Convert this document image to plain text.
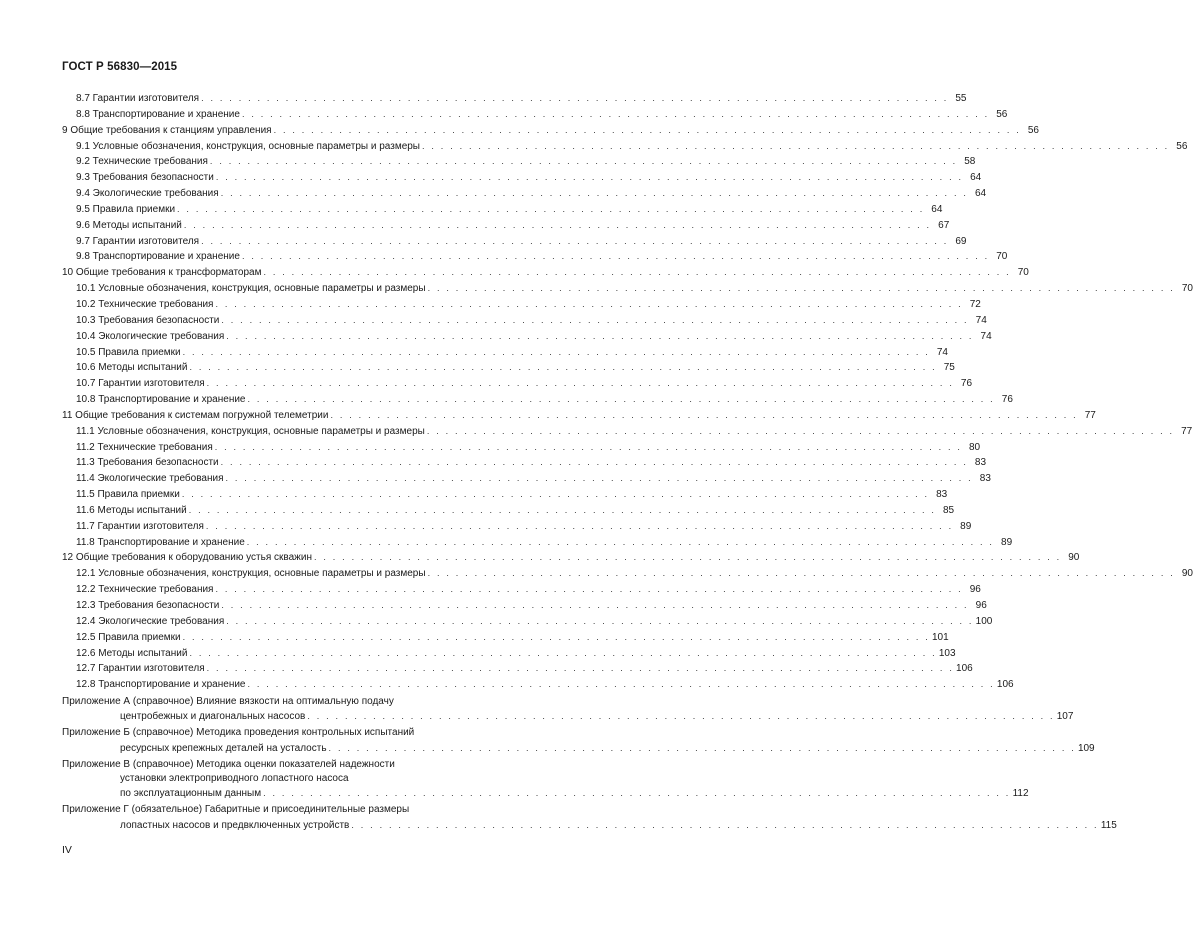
ГОСТ Р 56830—2015
8.7 Гарантии изготовителя . . . . . . . . . . . . . . . . . . . . . . . . . . . . . . . . . . . . . . . . . . . . . . . . . . . . . . . . . . . . . . . . . . . . . . . . . . . . . . . . 55
8.8 Транспортирование и хранение . . . . . . . . . . . . . . . . . . . . . . . . . . . . . . . . . . . . . . . . . . . . . . . . . . . . . . . . . . . . . . . . . . . . . . . . . . . . . . . . 56
9 Общие требования к станциям управления . . . . . . . . . . . . . . . . . . . . . . . . . . . . . . . . . . . . . . . . . . . . . . . . . . . . . . . . . . . . . . . . . . . . . . . . . . . . . . . . 56
9.1 Условные обозначения, конструкция, основные параметры и размеры . . . . . . . . . . . . . . . . . . . . . . . . . . . . . . . . . . . . . . . . . . . . . . . . . . . . . . . . . . . . . . . . . . . . . . . . . . . . . . . . 56
9.2 Технические требования . . . . . . . . . . . . . . . . . . . . . . . . . . . . . . . . . . . . . . . . . . . . . . . . . . . . . . . . . . . . . . . . . . . . . . . . . . . . . . . . 58
9.3 Требования безопасности . . . . . . . . . . . . . . . . . . . . . . . . . . . . . . . . . . . . . . . . . . . . . . . . . . . . . . . . . . . . . . . . . . . . . . . . . . . . . . . . 64
9.4 Экологические требования . . . . . . . . . . . . . . . . . . . . . . . . . . . . . . . . . . . . . . . . . . . . . . . . . . . . . . . . . . . . . . . . . . . . . . . . . . . . . . . . 64
9.5 Правила приемки . . . . . . . . . . . . . . . . . . . . . . . . . . . . . . . . . . . . . . . . . . . . . . . . . . . . . . . . . . . . . . . . . . . . . . . . . . . . . . . . 64
9.6 Методы испытаний . . . . . . . . . . . . . . . . . . . . . . . . . . . . . . . . . . . . . . . . . . . . . . . . . . . . . . . . . . . . . . . . . . . . . . . . . . . . . . . . 67
9.7 Гарантии изготовителя . . . . . . . . . . . . . . . . . . . . . . . . . . . . . . . . . . . . . . . . . . . . . . . . . . . . . . . . . . . . . . . . . . . . . . . . . . . . . . . . 69
9.8 Транспортирование и хранение . . . . . . . . . . . . . . . . . . . . . . . . . . . . . . . . . . . . . . . . . . . . . . . . . . . . . . . . . . . . . . . . . . . . . . . . . . . . . . . . 70
10 Общие требования к трансформаторам . . . . . . . . . . . . . . . . . . . . . . . . . . . . . . . . . . . . . . . . . . . . . . . . . . . . . . . . . . . . . . . . . . . . . . . . . . . . . . . . 70
10.1 Условные обозначения, конструкция, основные параметры и размеры . . . . . . . . . . . . . . . . . . . . . . . . . . . . . . . . . . . . . . . . . . . . . . . . . . . . . . . . . . . . . . . . . . . . . . . . . . . . . . . . 70
10.2 Технические требования . . . . . . . . . . . . . . . . . . . . . . . . . . . . . . . . . . . . . . . . . . . . . . . . . . . . . . . . . . . . . . . . . . . . . . . . . . . . . . . . 72
10.3 Требования безопасности . . . . . . . . . . . . . . . . . . . . . . . . . . . . . . . . . . . . . . . . . . . . . . . . . . . . . . . . . . . . . . . . . . . . . . . . . . . . . . . . 74
10.4 Экологические требования . . . . . . . . . . . . . . . . . . . . . . . . . . . . . . . . . . . . . . . . . . . . . . . . . . . . . . . . . . . . . . . . . . . . . . . . . . . . . . . . 74
10.5 Правила приемки . . . . . . . . . . . . . . . . . . . . . . . . . . . . . . . . . . . . . . . . . . . . . . . . . . . . . . . . . . . . . . . . . . . . . . . . . . . . . . . . 74
10.6 Методы испытаний . . . . . . . . . . . . . . . . . . . . . . . . . . . . . . . . . . . . . . . . . . . . . . . . . . . . . . . . . . . . . . . . . . . . . . . . . . . . . . . . 75
10.7 Гарантии изготовителя . . . . . . . . . . . . . . . . . . . . . . . . . . . . . . . . . . . . . . . . . . . . . . . . . . . . . . . . . . . . . . . . . . . . . . . . . . . . . . . . 76
10.8 Транспортирование и хранение . . . . . . . . . . . . . . . . . . . . . . . . . . . . . . . . . . . . . . . . . . . . . . . . . . . . . . . . . . . . . . . . . . . . . . . . . . . . . . . . 76
11 Общие требования к системам погружной телеметрии . . . . . . . . . . . . . . . . . . . . . . . . . . . . . . . . . . . . . . . . . . . . . . . . . . . . . . . . . . . . . . . . . . . . . . . . . . . . . . . . 77
11.1 Условные обозначения, конструкция, основные параметры и размеры . . . . . . . . . . . . . . . . . . . . . . . . . . . . . . . . . . . . . . . . . . . . . . . . . . . . . . . . . . . . . . . . . . . . . . . . . . . . . . . . 77
11.2 Технические требования . . . . . . . . . . . . . . . . . . . . . . . . . . . . . . . . . . . . . . . . . . . . . . . . . . . . . . . . . . . . . . . . . . . . . . . . . . . . . . . . 80
11.3 Требования безопасности . . . . . . . . . . . . . . . . . . . . . . . . . . . . . . . . . . . . . . . . . . . . . . . . . . . . . . . . . . . . . . . . . . . . . . . . . . . . . . . . 83
11.4 Экологические требования . . . . . . . . . . . . . . . . . . . . . . . . . . . . . . . . . . . . . . . . . . . . . . . . . . . . . . . . . . . . . . . . . . . . . . . . . . . . . . . . 83
11.5 Правила приемки . . . . . . . . . . . . . . . . . . . . . . . . . . . . . . . . . . . . . . . . . . . . . . . . . . . . . . . . . . . . . . . . . . . . . . . . . . . . . . . . 83
11.6 Методы испытаний . . . . . . . . . . . . . . . . . . . . . . . . . . . . . . . . . . . . . . . . . . . . . . . . . . . . . . . . . . . . . . . . . . . . . . . . . . . . . . . . 85
11.7 Гарантии изготовителя . . . . . . . . . . . . . . . . . . . . . . . . . . . . . . . . . . . . . . . . . . . . . . . . . . . . . . . . . . . . . . . . . . . . . . . . . . . . . . . . 89
11.8 Транспортирование и хранение . . . . . . . . . . . . . . . . . . . . . . . . . . . . . . . . . . . . . . . . . . . . . . . . . . . . . . . . . . . . . . . . . . . . . . . . . . . . . . . . 89
12 Общие требования к оборудованию устья скважин . . . . . . . . . . . . . . . . . . . . . . . . . . . . . . . . . . . . . . . . . . . . . . . . . . . . . . . . . . . . . . . . . . . . . . . . . . . . . . . . 90
12.1 Условные обозначения, конструкция, основные параметры и размеры . . . . . . . . . . . . . . . . . . . . . . . . . . . . . . . . . . . . . . . . . . . . . . . . . . . . . . . . . . . . . . . . . . . . . . . . . . . . . . . . 90
12.2 Технические требования . . . . . . . . . . . . . . . . . . . . . . . . . . . . . . . . . . . . . . . . . . . . . . . . . . . . . . . . . . . . . . . . . . . . . . . . . . . . . . . . 96
12.3 Требования безопасности . . . . . . . . . . . . . . . . . . . . . . . . . . . . . . . . . . . . . . . . . . . . . . . . . . . . . . . . . . . . . . . . . . . . . . . . . . . . . . . . 96
12.4 Экологические требования . . . . . . . . . . . . . . . . . . . . . . . . . . . . . . . . . . . . . . . . . . . . . . . . . . . . . . . . . . . . . . . . . . . . . . . . . . . . . . . . 100
12.5 Правила приемки . . . . . . . . . . . . . . . . . . . . . . . . . . . . . . . . . . . . . . . . . . . . . . . . . . . . . . . . . . . . . . . . . . . . . . . . . . . . . . . . 101
12.6 Методы испытаний . . . . . . . . . . . . . . . . . . . . . . . . . . . . . . . . . . . . . . . . . . . . . . . . . . . . . . . . . . . . . . . . . . . . . . . . . . . . . . . . 103
12.7 Гарантии изготовителя . . . . . . . . . . . . . . . . . . . . . . . . . . . . . . . . . . . . . . . . . . . . . . . . . . . . . . . . . . . . . . . . . . . . . . . . . . . . . . . . 106
12.8 Транспортирование и хранение . . . . . . . . . . . . . . . . . . . . . . . . . . . . . . . . . . . . . . . . . . . . . . . . . . . . . . . . . . . . . . . . . . . . . . . . . . . . . . . . 106
Приложение А (справочное) Влияние вязкости на оптимальную подачу
центробежных и диагональных насосов . . . . . . . . . . . . . . . . . . . . . . . . . . . . . . . . . . . . . . . . . . . . . . . . . . . . . . . . . . . . . . . . . . . . . . . . . . . . . . . . 107
Приложение Б (справочное) Методика проведения контрольных испытаний
ресурсных крепежных деталей на усталость . . . . . . . . . . . . . . . . . . . . . . . . . . . . . . . . . . . . . . . . . . . . . . . . . . . . . . . . . . . . . . . . . . . . . . . . . . . . . . . . 109
Приложение В (справочное) Методика оценки показателей надежности
установки электроприводного лопастного насоса
по эксплуатационным данным . . . . . . . . . . . . . . . . . . . . . . . . . . . . . . . . . . . . . . . . . . . . . . . . . . . . . . . . . . . . . . . . . . . . . . . . . . . . . . . . 112
Приложение Г (обязательное) Габаритные и присоединительные размеры
лопастных насосов и предвключенных устройств . . . . . . . . . . . . . . . . . . . . . . . . . . . . . . . . . . . . . . . . . . . . . . . . . . . . . . . . . . . . . . . . . . . . . . . . . . . . . . . . 115
IV
